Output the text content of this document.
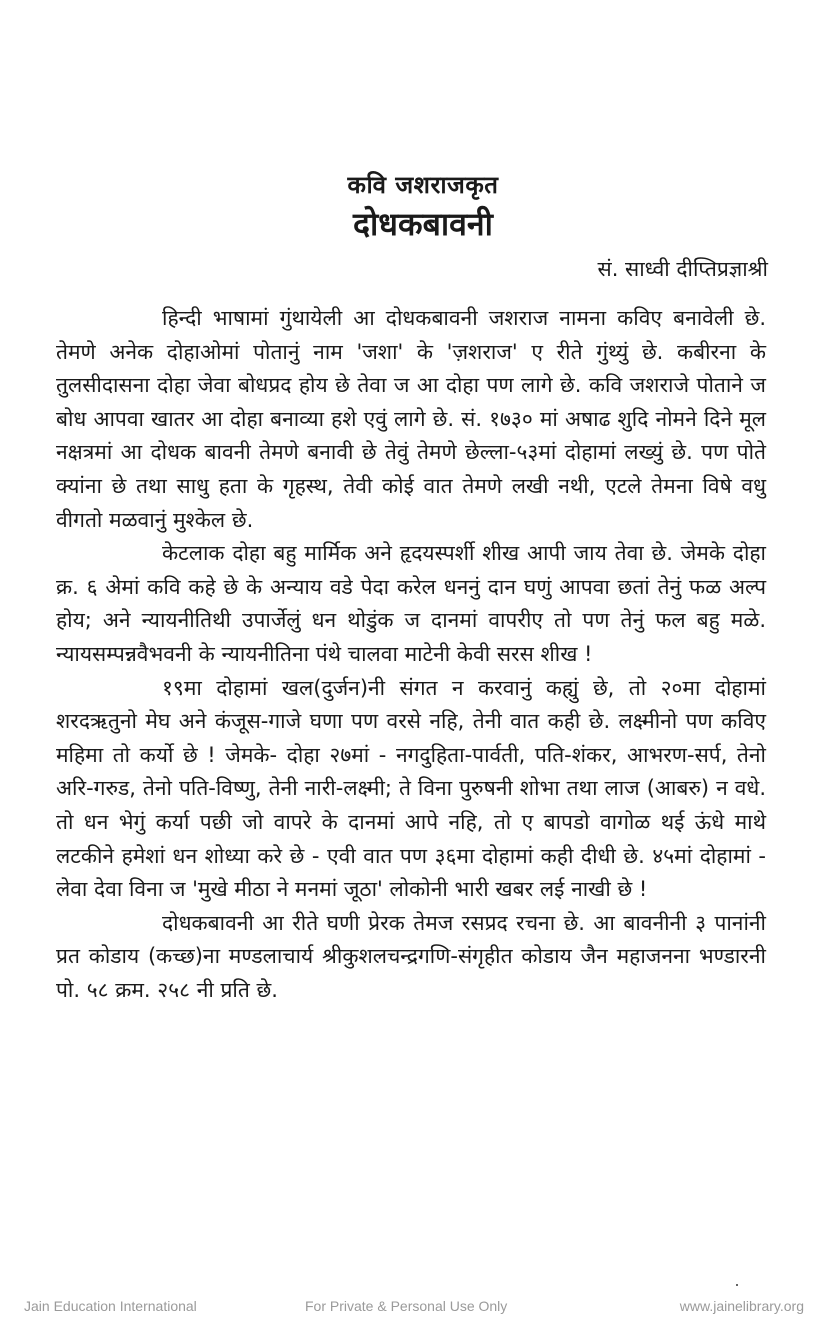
कवि जशराजकृत
दोधकबावनी
सं. साध्वी दीप्तिप्रज्ञाश्री

हिन्दी भाषामां गुंथायेली आ दोधकबावनी जशराज नामना कविए बनावेली छे. तेमणे अनेक दोहाओमां पोतानुं नाम 'जशा' के 'ज़शराज' ए रीते गुंथ्युं छे. कबीरना के तुलसीदासना दोहा जेवा बोधप्रद होय छे तेवा ज आ दोहा पण लागे छे. कवि जशराजे पोताने ज बोध आपवा खातर आ दोहा बनाव्या हशे एवुं लागे छे. सं. १७३० मां अषाढ शुदि नोमने दिने मूल नक्षत्रमां आ दोधक बावनी तेमणे बनावी छे तेवुं तेमणे छेल्ला-५३मां दोहामां लख्युं छे. पण पोते क्यांना छे तथा साधु हता के गृहस्थ, तेवी कोई वात तेमणे लखी नथी, एटले तेमना विषे वधु वीगतो मळवानुं मुश्केल छे.

केटलाक दोहा बहु मार्मिक अने हृदयस्पर्शी शीख आपी जाय तेवा छे. जेमके दोहा क्र. ६ अेमां कवि कहे छे के अन्याय वडे पेदा करेल धननुं दान घणुं आपवा छतां तेनुं फळ अल्प होय; अने न्यायनीतिथी उपार्जेलुं धन थोडुंक ज दानमां वापरीए तो पण तेनुं फल बहु मळे. न्यायसम्पन्नवैभवनी के न्यायनीतिना पंथे चालवा माटेनी केवी सरस शीख !

१९मा दोहामां खल(दुर्जन)नी संगत न करवानुं कह्युं छे, तो २०मा दोहामां शरदऋतुनो मेघ अने कंजूस-गाजे घणा पण वरसे नहि, तेनी वात कही छे. लक्ष्मीनो पण कविए महिमा तो कर्यो छे ! जेमके- दोहा २७मां - नगदुहिता-पार्वती, पति-शंकर, आभरण-सर्प, तेनो अरि-गरुड, तेनो पति-विष्णु, तेनी नारी-लक्ष्मी; ते विना पुरुषनी शोभा तथा लाज (आबरु) न वधे. तो धन भेगुं कर्या पछी जो वापरे के दानमां आपे नहि, तो ए बापडो वागोळ थई ऊंधे माथे लटकीने हमेशां धन शोध्या करे छे - एवी वात पण ३६मा दोहामां कही दीधी छे. ४५मां दोहामां - लेवा देवा विना ज 'मुखे मीठा ने मनमां जूठा' लोकोनी भारी खबर लई नाखी छे !

दोधकबावनी आ रीते घणी प्रेरक तेमज रसप्रद रचना छे. आ बावनीनी ३ पानांनी प्रत कोडाय (कच्छ)ना मण्डलाचार्य श्रीकुशलचन्द्रगणि-संगृहीत कोडाय जैन महाजनना भण्डारनी पो. ५८ क्रम. २५८ नी प्रति छे.

Jain Education International	For Private & Personal Use Only	www.jainelibrary.org
